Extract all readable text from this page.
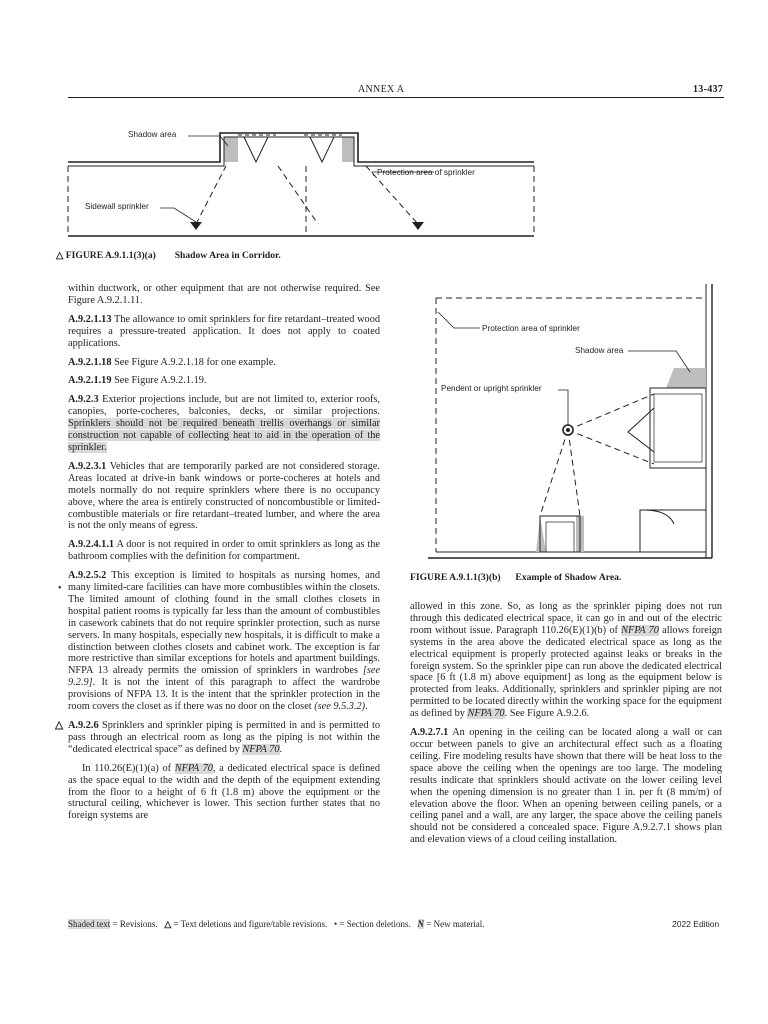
ANNEX A	13-437
Shadow area
Protection area of sprinkler
Sidewall sprinkler
△ FIGURE A.9.1.1(3)(a) Shadow Area in Corridor.

within ductwork, or other equipment that are not otherwise required. See Figure A.9.2.1.11.

A.9.2.1.13 The allowance to omit sprinklers for fire retardant–treated wood requires a pressure-treated application. It does not apply to coated applications.

A.9.2.1.18 See Figure A.9.2.1.18 for one example.

A.9.2.1.19 See Figure A.9.2.1.19.

A.9.2.3 Exterior projections include, but are not limited to, exterior roofs, canopies, porte-cocheres, balconies, decks, or similar projections. Sprinklers should not be required beneath trellis overhangs or similar construction not capable of collecting heat to aid in the operation of the sprinkler.

A.9.2.3.1 Vehicles that are temporarily parked are not considered storage. Areas located at drive-in bank windows or porte-cocheres at hotels and motels normally do not require sprinklers where there is no occupancy above, where the area is entirely constructed of noncombustible or limited-combustible materials or fire retardant–treated lumber, and where the area is not the only means of egress.

A.9.2.4.1.1 A door is not required in order to omit sprinklers as long as the bathroom complies with the definition for compartment.

A.9.2.5.2 This exception is limited to hospitals as nursing homes, and many limited-care facilities can have more combustibles within the closets. The limited amount of clothing found in the small clothes closets in hospital patient rooms is typically far less than the amount of combustibles in casework cabinets that do not require sprinkler protection, such as nurse servers. In many hospitals, especially new hospitals, it is difficult to make a distinction between clothes closets and cabinet work. The exception is far more restrictive than similar exceptions for hotels and apartment buildings. NFPA 13 already permits the omission of sprinklers in wardrobes [see 9.2.9]. It is not the intent of this paragraph to affect the wardrobe provisions of NFPA 13. It is the intent that the sprinkler protection in the room covers the closet as if there was no door on the closet (see 9.5.3.2).

△ A.9.2.6 Sprinklers and sprinkler piping is permitted in and is permitted to pass through an electrical room as long as the piping is not within the “dedicated electrical space” as defined by NFPA 70.

In 110.26(E)(1)(a) of NFPA 70, a dedicated electrical space is defined as the space equal to the width and the depth of the equipment extending from the floor to a height of 6 ft (1.8 m) above the equipment or the structural ceiling, whichever is lower. This section further states that no foreign systems are

•
Protection area of sprinkler
Shadow area
Pendent or upright sprinkler
FIGURE A.9.1.1(3)(b) Example of Shadow Area.

allowed in this zone. So, as long as the sprinkler piping does not run through this dedicated electrical space, it can go in and out of the electric room without issue. Paragraph 110.26(E)(1)(b) of NFPA 70 allows foreign systems in the area above the dedicated electrical space as long as the electrical equipment is properly protected against leaks or breaks in the foreign system. So the sprinkler pipe can run above the dedicated electrical space [6 ft (1.8 m) above equipment] as long as the equipment below is protected from leaks. Additionally, sprinklers and sprinkler piping are not permitted to be located directly within the working space for the equipment as defined by NFPA 70. See Figure A.9.2.6.

A.9.2.7.1 An opening in the ceiling can be located along a wall or can occur between panels to give an architectural effect such as a floating ceiling. Fire modeling results have shown that there will be heat loss to the space above the ceiling when the openings are too large. The modeling results indicate that sprinklers should activate on the lower ceiling level when the opening dimension is no greater than 1 in. per ft (8 mm/m) of elevation above the floor. When an opening between ceiling panels, or a ceiling panel and a wall, are any larger, the space above the ceiling panels should not be considered a concealed space. Figure A.9.2.7.1 shows plan and elevation views of a cloud ceiling installation.

Shaded text = Revisions. △ = Text deletions and figure/table revisions. • = Section deletions. N = New material.	2022 Edition
